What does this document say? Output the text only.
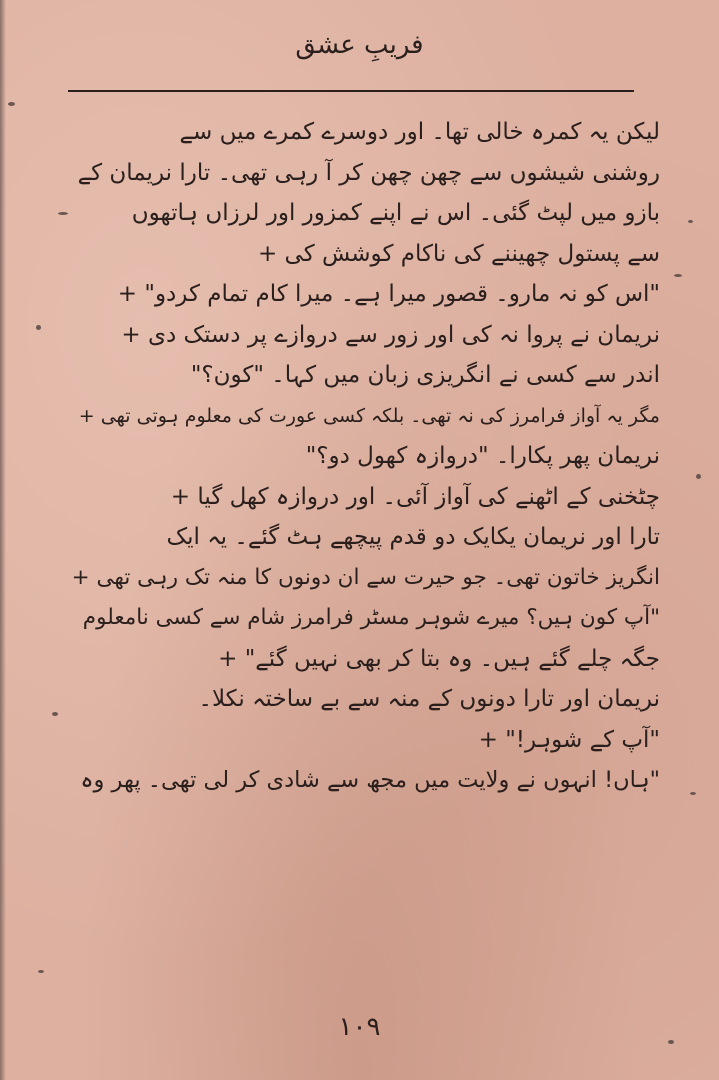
فریبِ عشق
لیکن یہ کمرہ خالی تھا۔ اور دوسرے کمرے میں سے
روشنی شیشوں سے چھن چھن کر آ رہی تھی۔ تارا نریمان کے
بازو میں لپٹ گئی۔ اس نے اپنے کمزور اور لرزاں ہاتھوں
سے پستول چھیننے کی ناکام کوشش کی +
"اس کو نہ مارو۔ قصور میرا ہے۔ میرا کام تمام کردو" +
نریمان نے پروا نہ کی اور زور سے دروازے پر دستک دی +
اندر سے کسی نے انگریزی زبان میں کہا۔ "کون؟"
مگر یہ آواز فرامرز کی نہ تھی۔ بلکہ کسی عورت کی معلوم ہوتی تھی +
نریمان پھر پکارا۔ "دروازہ کھول دو؟"
چٹخنی کے اٹھنے کی آواز آئی۔ اور دروازہ کھل گیا +
تارا اور نریمان یکایک دو قدم پیچھے ہٹ گئے۔ یہ ایک
انگریز خاتون تھی۔ جو حیرت سے ان دونوں کا منہ تک رہی تھی +
"آپ کون ہیں؟ میرے شوہر مسٹر فرامرز شام سے کسی نامعلوم
جگہ چلے گئے ہیں۔ وہ بتا کر بھی نہیں گئے" +
نریمان اور تارا دونوں کے منہ سے بے ساختہ نکلا۔
"آپ کے شوہر!" +
"ہاں! انہوں نے ولایت میں مجھ سے شادی کر لی تھی۔ پھر وہ
۱۰۹
